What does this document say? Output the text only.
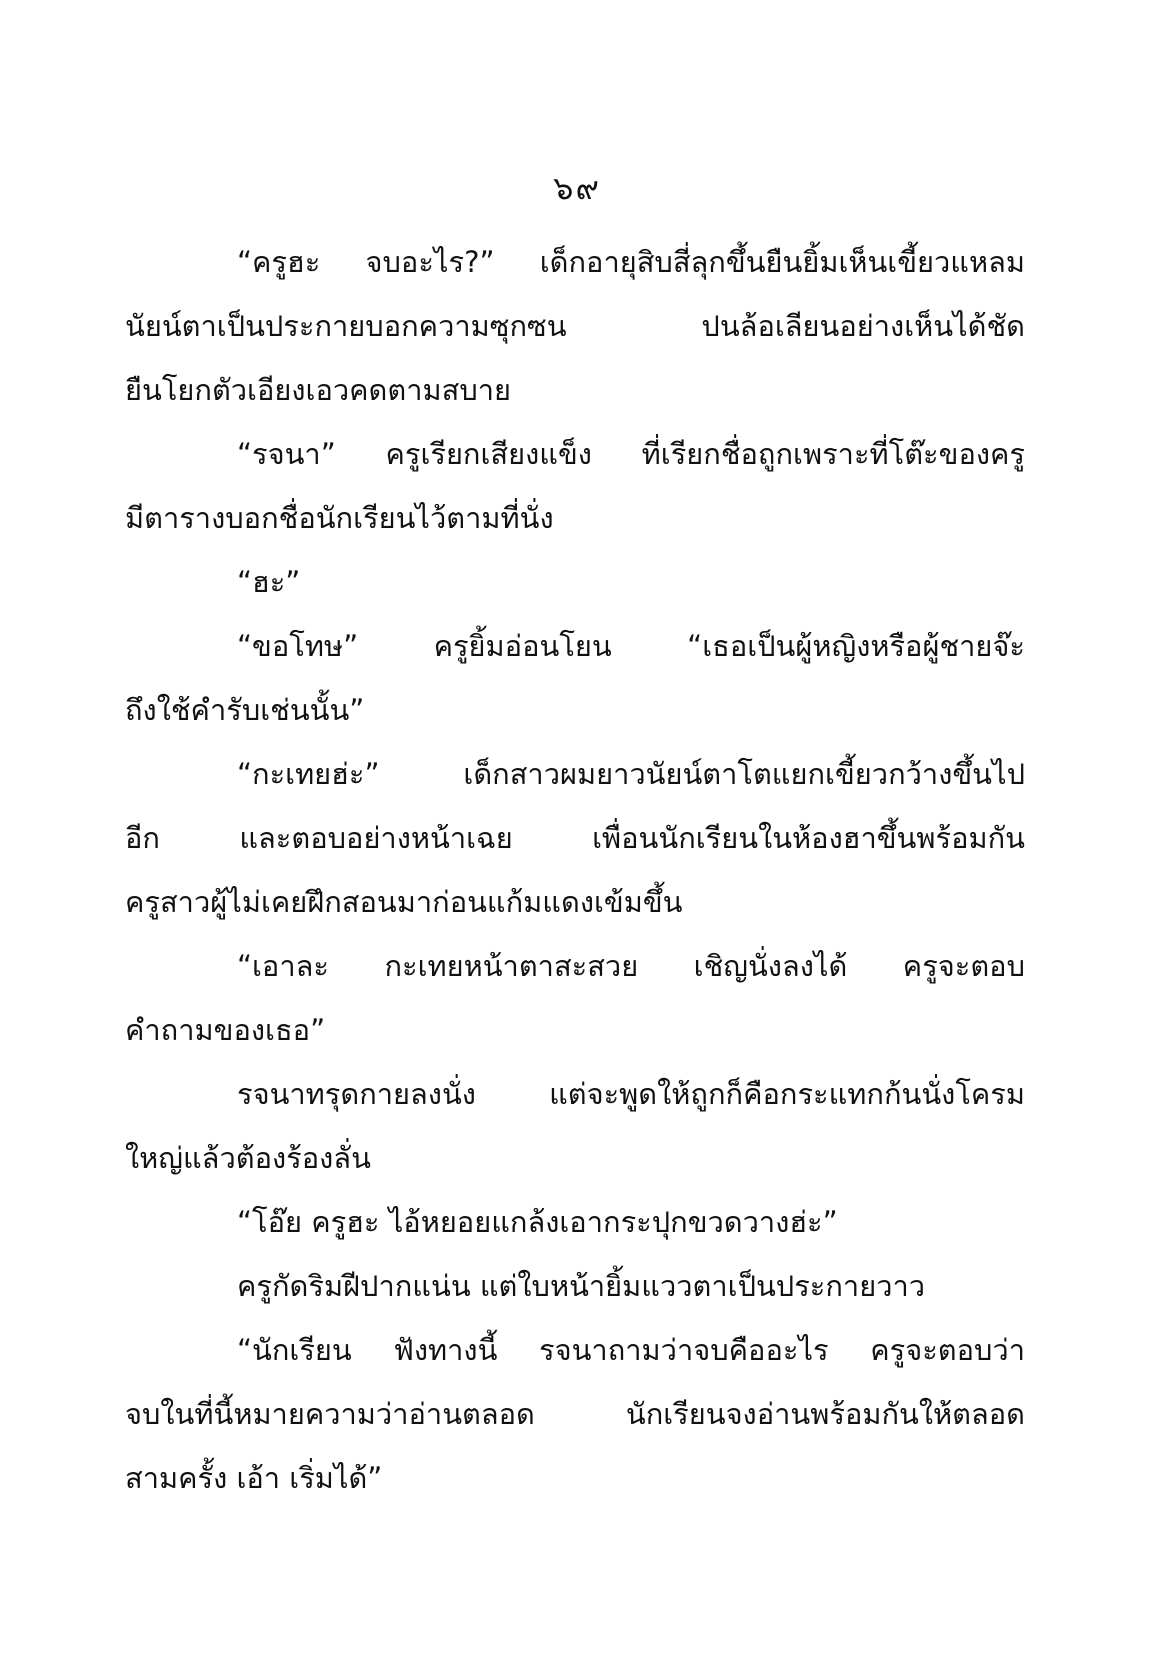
๖๙
“ครูฮะ จบอะไร?” เด็กอายุสิบสี่ลุกขึ้นยืนยิ้มเห็นเขี้ยวแหลม
นัยน์ตาเป็นประกายบอกความซุกซน ปนล้อเลียนอย่างเห็นได้ชัด
ยืนโยกตัวเอียงเอวคดตามสบาย
“รจนา” ครูเรียกเสียงแข็ง ที่เรียกชื่อถูกเพราะที่โต๊ะของครู
มีตารางบอกชื่อนักเรียนไว้ตามที่นั่ง
“ฮะ”
“ขอโทษ” ครูยิ้มอ่อนโยน “เธอเป็นผู้หญิงหรือผู้ชายจ๊ะ
ถึงใช้คำรับเช่นนั้น”
“กะเทยฮ่ะ” เด็กสาวผมยาวนัยน์ตาโตแยกเขี้ยวกว้างขึ้นไป
อีก และตอบอย่างหน้าเฉย เพื่อนนักเรียนในห้องฮาขึ้นพร้อมกัน
ครูสาวผู้ไม่เคยฝึกสอนมาก่อนแก้มแดงเข้มขึ้น
“เอาละ กะเทยหน้าตาสะสวย เชิญนั่งลงได้ ครูจะตอบ
คำถามของเธอ”
รจนาทรุดกายลงนั่ง แต่จะพูดให้ถูกก็คือกระแทกก้นนั่งโครม
ใหญ่แล้วต้องร้องลั่น
“โอ๊ย ครูฮะ ไอ้หยอยแกล้งเอากระปุกขวดวางฮ่ะ”
ครูกัดริมฝีปากแน่น แต่ใบหน้ายิ้มแววตาเป็นประกายวาว
“นักเรียน ฟังทางนี้ รจนาถามว่าจบคืออะไร ครูจะตอบว่า
จบในที่นี้หมายความว่าอ่านตลอด นักเรียนจงอ่านพร้อมกันให้ตลอด
สามครั้ง เอ้า เริ่มได้”
